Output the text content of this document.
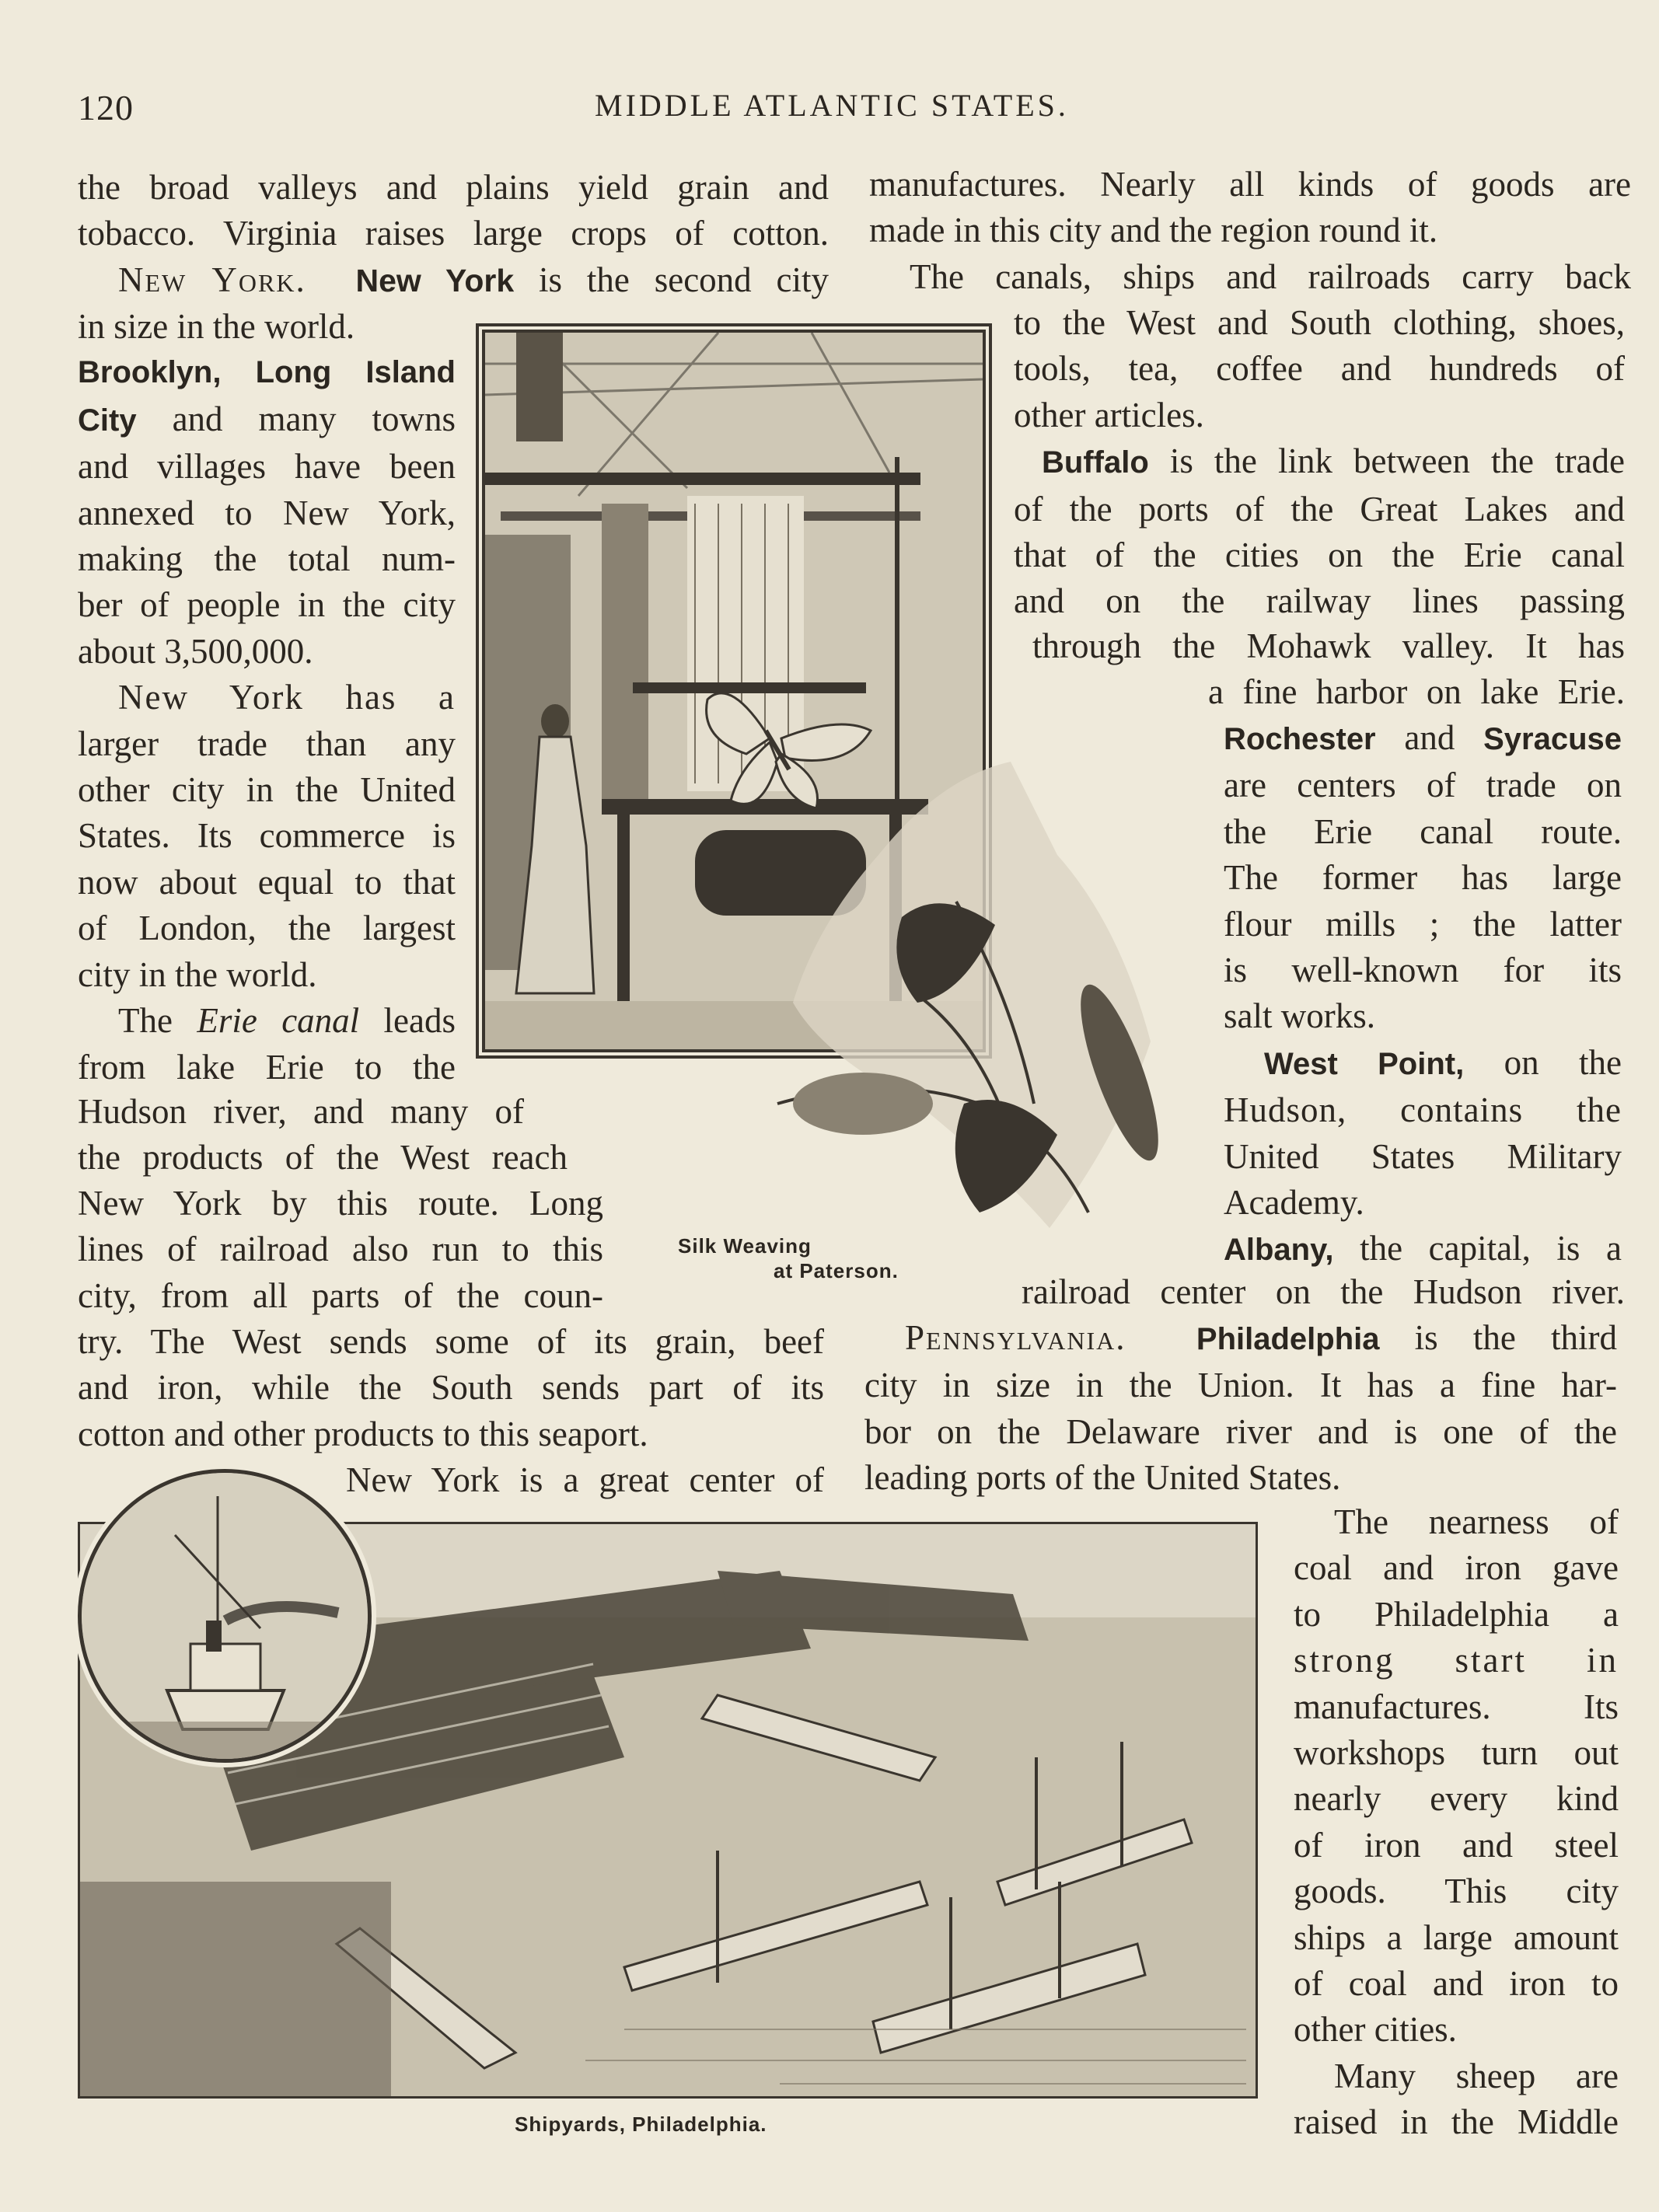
120	MIDDLE ATLANTIC STATES.
Silk Weaving
at Paterson.
Shipyards, Philadelphia.
the broad valleys and plains yield grain and
tobacco. Virginia raises large crops of cotton.
New York. New York is the second city
in size in the world.
Brooklyn, Long Island
City and many towns
and villages have been
annexed to New York,
making the total num-
ber of people in the city
about 3,500,000.
New York has a
larger trade than any
other city in the United
States. Its commerce is
now about equal to that
of London, the largest
city in the world.
The Erie canal leads
from lake Erie to the
Hudson river, and many of
the products of the West reach
New York by this route. Long
lines of railroad also run to this
city, from all parts of the coun-
try. The West sends some of its grain, beef
and iron, while the South sends part of its
cotton and other products to this seaport.
New York is a great center of
manufactures. Nearly all kinds of goods are
made in this city and the region round it.
The canals, ships and railroads carry back
to the West and South clothing, shoes,
tools, tea, coffee and hundreds of
other articles.
Buffalo is the link between the trade
of the ports of the Great Lakes and
that of the cities on the Erie canal
and on the railway lines passing
through the Mohawk valley. It has
a fine harbor on lake Erie.
Rochester and Syracuse
are centers of trade on
the Erie canal route.
The former has large
flour mills ; the latter
is well-known for its
salt works.
West Point, on the
Hudson, contains the
United States Military
Academy.
Albany, the capital, is a
railroad center on the Hudson river.
Pennsylvania. Philadelphia is the third
city in size in the Union. It has a fine har-
bor on the Delaware river and is one of the
leading ports of the United States.
The nearness of
coal and iron gave
to Philadelphia a
strong start in
manufactures. Its
workshops turn out
nearly every kind
of iron and steel
goods. This city
ships a large amount
of coal and iron to
other cities.
Many sheep are
raised in the Middle
